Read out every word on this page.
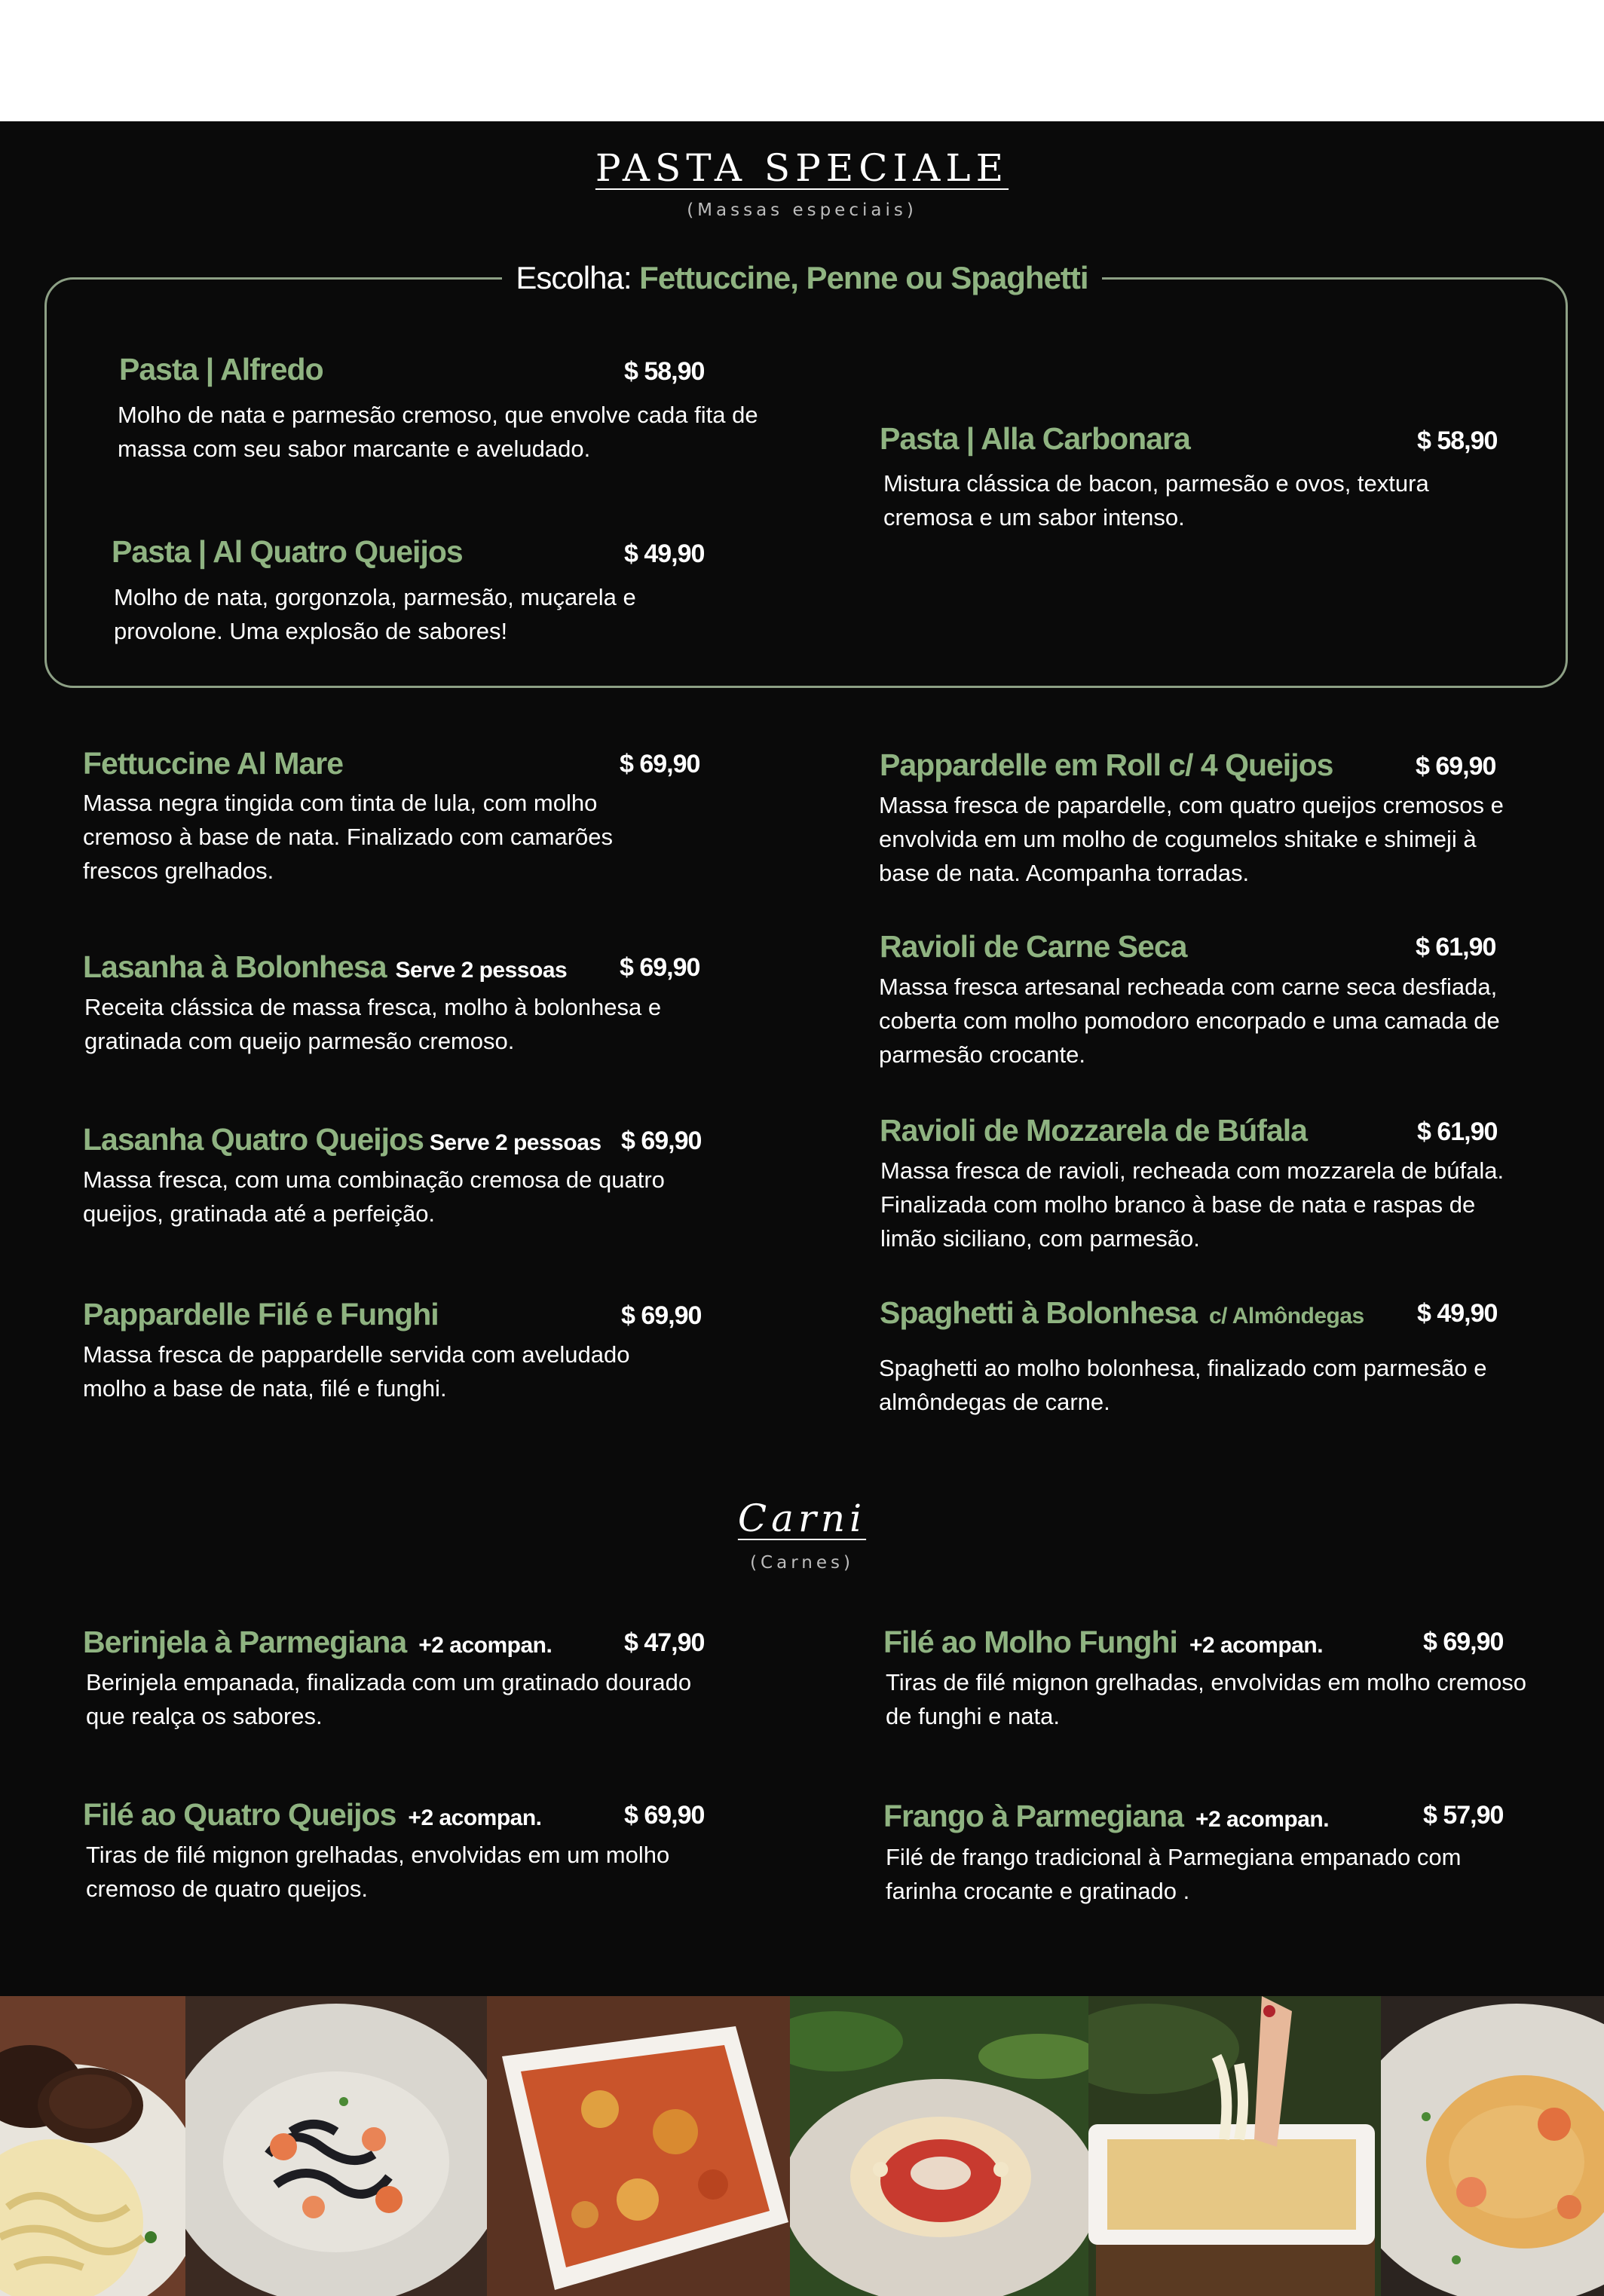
PASTA SPECIALE
(Massas especiais)
Escolha: Fettuccine, Penne ou Spaghetti
Pasta | Alfredo	$ 58,90
Molho de nata e parmesão cremoso, que envolve cada fita de massa com seu sabor marcante e aveludado.
Pasta | Al Quatro Queijos	$ 49,90
Molho de nata, gorgonzola, parmesão, muçarela e provolone. Uma explosão de sabores!
Pasta | Alla Carbonara	$ 58,90
Mistura clássica de bacon, parmesão e ovos, textura cremosa e um sabor intenso.
Fettuccine Al Mare	$ 69,90
Massa negra tingida com tinta de lula, com molho cremoso à base de nata. Finalizado com camarões frescos grelhados.
Lasanha à Bolonhesa Serve 2 pessoas $ 69,90
Receita clássica de massa fresca, molho à bolonhesa e gratinada com queijo parmesão cremoso.
Lasanha Quatro Queijos Serve 2 pessoas $ 69,90
Massa fresca, com uma combinação cremosa de quatro queijos, gratinada até a perfeição.
Pappardelle Filé e Funghi	$ 69,90
Massa fresca de pappardelle servida com aveludado molho a base de nata, filé e funghi.
Pappardelle em Roll c/ 4 Queijos	$ 69,90
Massa fresca de papardelle, com quatro queijos cremosos e envolvida em um molho de cogumelos shitake e shimeji à base de nata. Acompanha torradas.
Ravioli de Carne Seca	$ 61,90
Massa fresca artesanal recheada com carne seca desfiada, coberta com molho pomodoro encorpado e uma camada de parmesão crocante.
Ravioli de Mozzarela de Búfala	$ 61,90
Massa fresca de ravioli, recheada com mozzarela de búfala. Finalizada com molho branco à base de nata e raspas de limão siciliano, com parmesão.
Spaghetti à Bolonhesa c/ Almôndegas $ 49,90
Spaghetti ao molho bolonhesa, finalizado com parmesão e almôndegas de carne.
Carni
(Carnes)
Berinjela à Parmegiana +2 acompan.	$ 47,90
Berinjela empanada, finalizada com um gratinado dourado que realça os sabores.
Filé ao Quatro Queijos +2 acompan.	$ 69,90
Tiras de filé mignon grelhadas, envolvidas em um molho cremoso de quatro queijos.
Filé ao Molho Funghi +2 acompan.	$ 69,90
Tiras de filé mignon grelhadas, envolvidas em molho cremoso de funghi e nata.
Frango à Parmegiana +2 acompan.	$ 57,90
Filé de frango tradicional à Parmegiana empanado com farinha crocante e gratinado .
